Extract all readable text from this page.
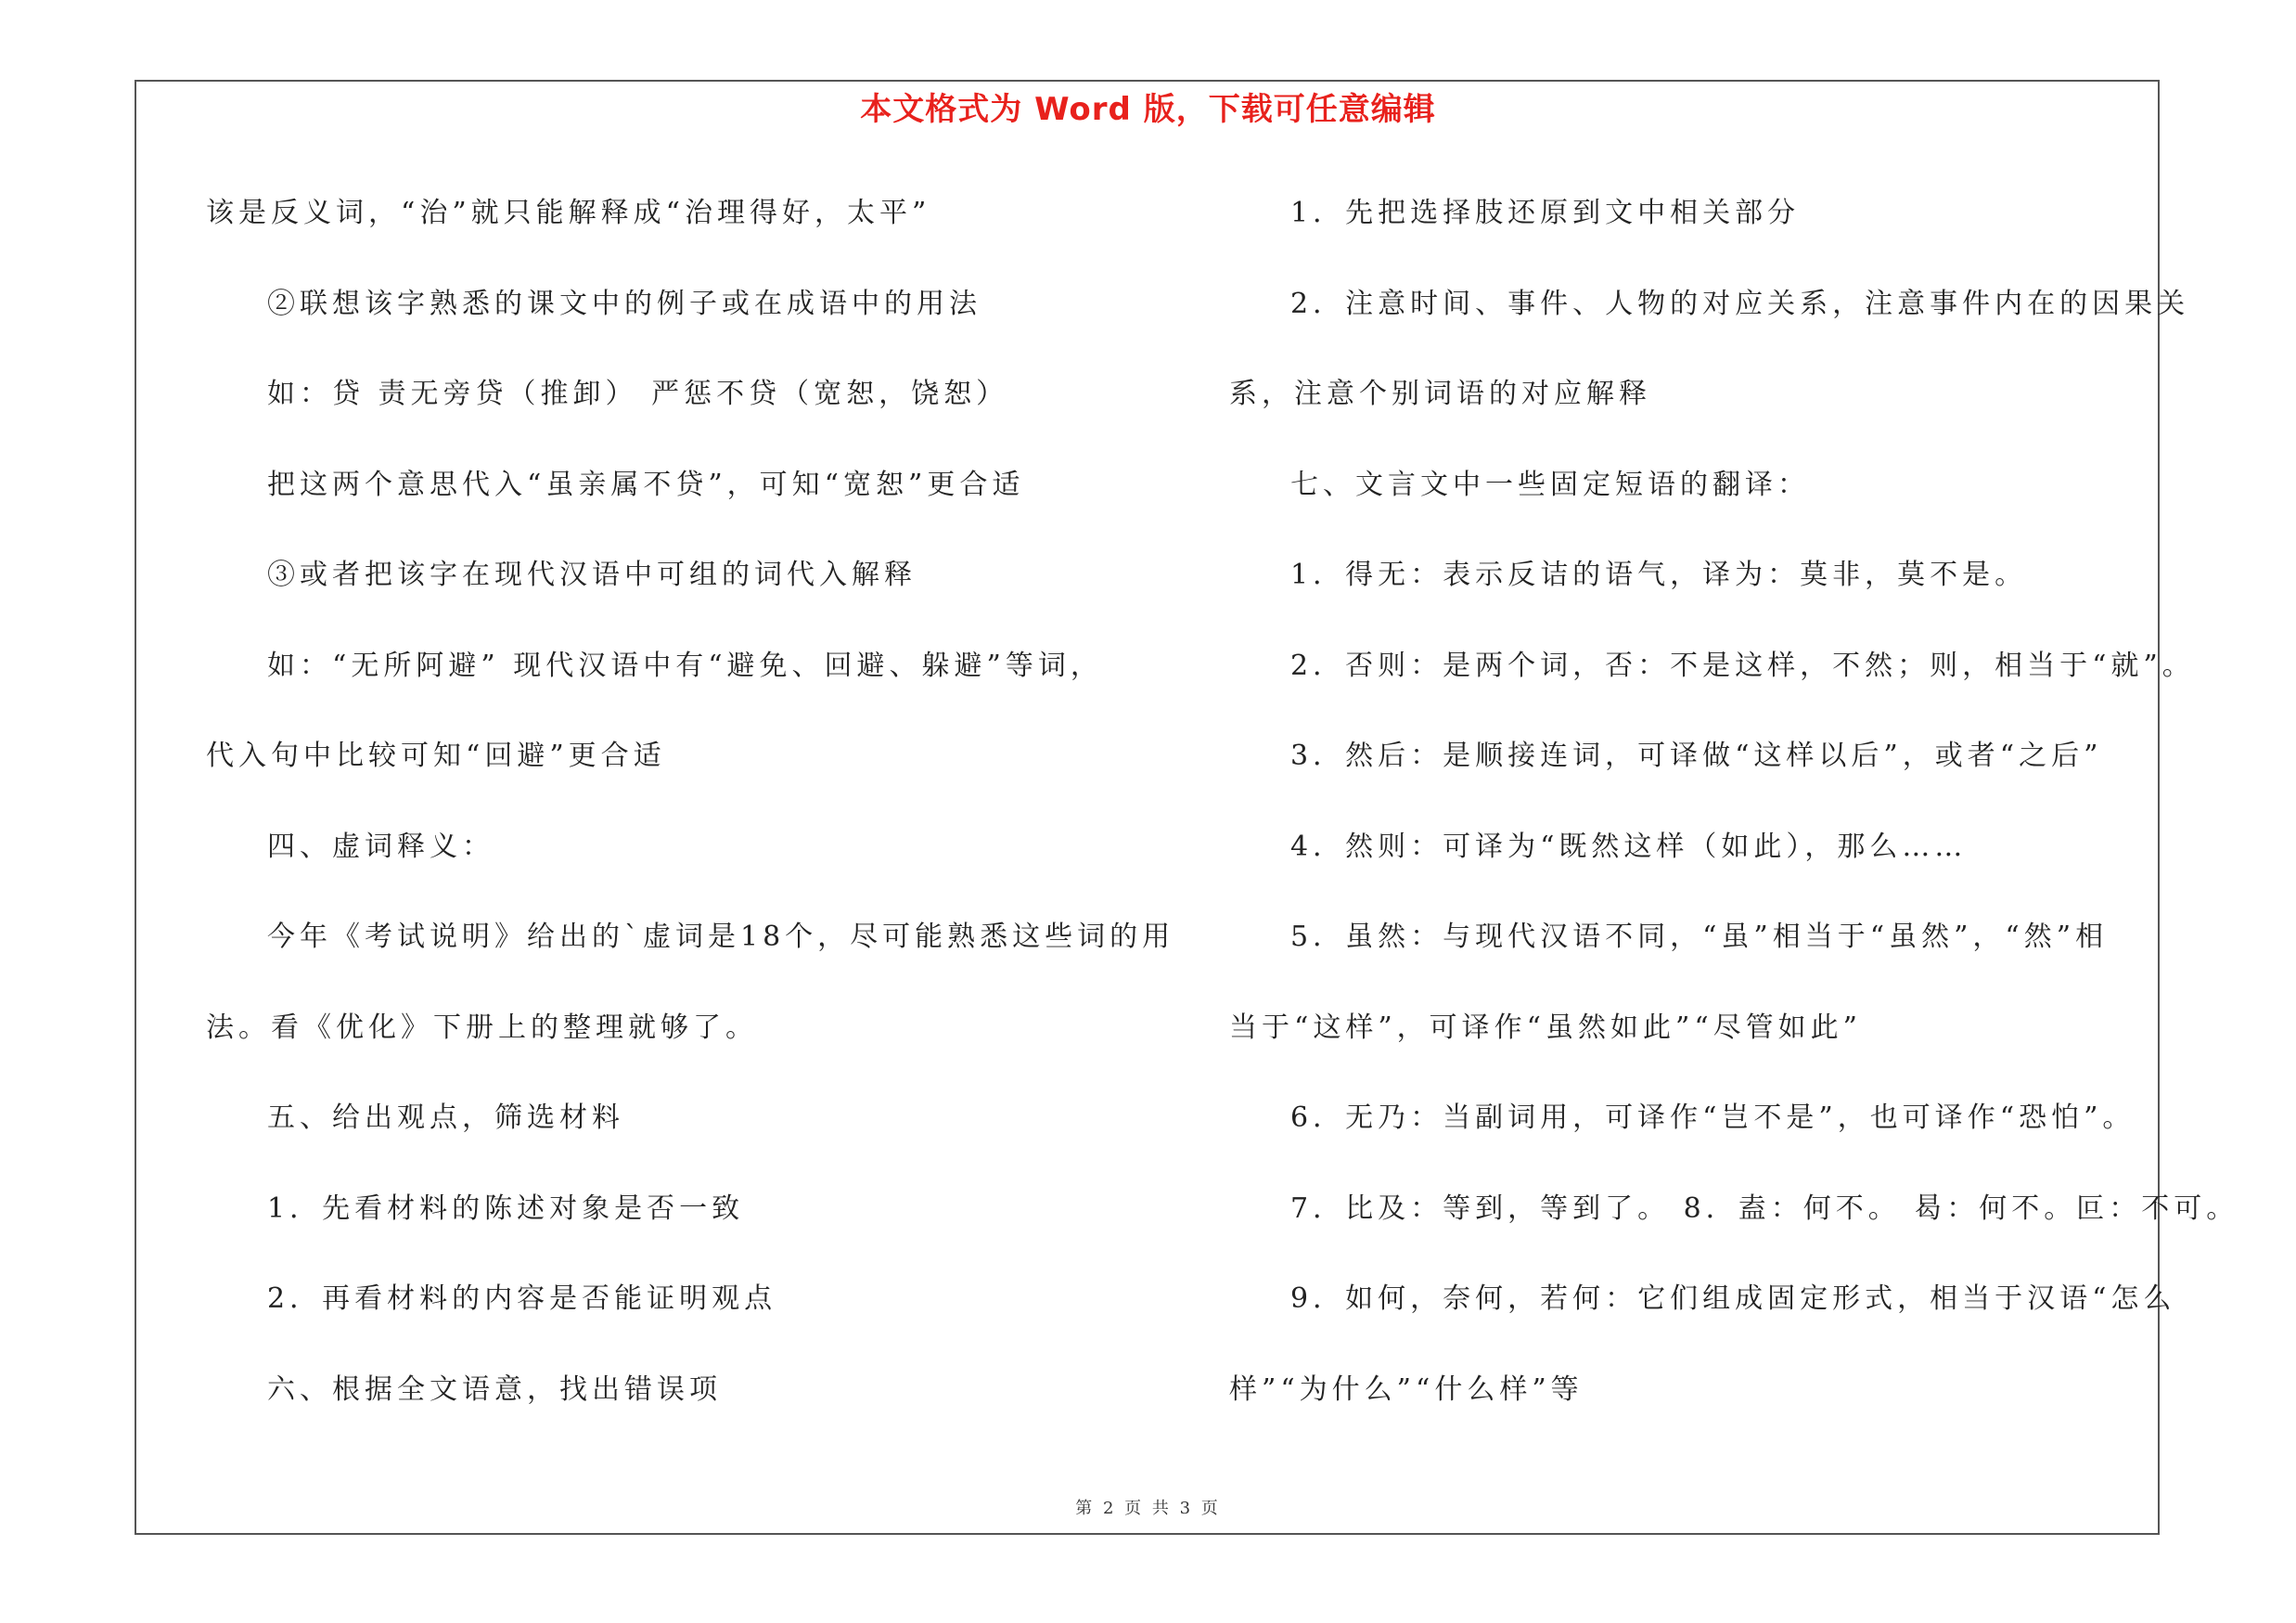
本文格式为 Word 版，下载可任意编辑
该是反义词，“治”就只能解释成“治理得好，太平”
②联想该字熟悉的课文中的例子或在成语中的用法
如：贷 责无旁贷（推卸） 严惩不贷（宽恕，饶恕）
把这两个意思代入“虽亲属不贷”，可知“宽恕”更合适
③或者把该字在现代汉语中可组的词代入解释
如：“无所阿避” 现代汉语中有“避免、回避、躲避”等词，
代入句中比较可知“回避”更合适
四、虚词释义：
今年《考试说明》给出的`虚词是18个，尽可能熟悉这些词的用
法。看《优化》下册上的整理就够了。
五、给出观点，筛选材料
1．先看材料的陈述对象是否一致
2．再看材料的内容是否能证明观点
六、根据全文语意，找出错误项
1．先把选择肢还原到文中相关部分
2．注意时间、事件、人物的对应关系，注意事件内在的因果关
系，注意个别词语的对应解释
七、文言文中一些固定短语的翻译：
1．得无：表示反诘的语气，译为：莫非，莫不是。
2．否则：是两个词，否：不是这样，不然；则，相当于“就”。
3．然后：是顺接连词，可译做“这样以后”，或者“之后”
4．然则：可译为“既然这样（如此），那么……
5．虽然：与现代汉语不同，“虽”相当于“虽然”，“然”相
当于“这样”，可译作“虽然如此”“尽管如此”
6．无乃：当副词用，可译作“岂不是”，也可译作“恐怕”。
7．比及：等到，等到了。 8．盍：何不。 曷：何不。叵：不可。
9．如何，奈何，若何：它们组成固定形式，相当于汉语“怎么
样”“为什么”“什么样”等
第 2 页 共 3 页
